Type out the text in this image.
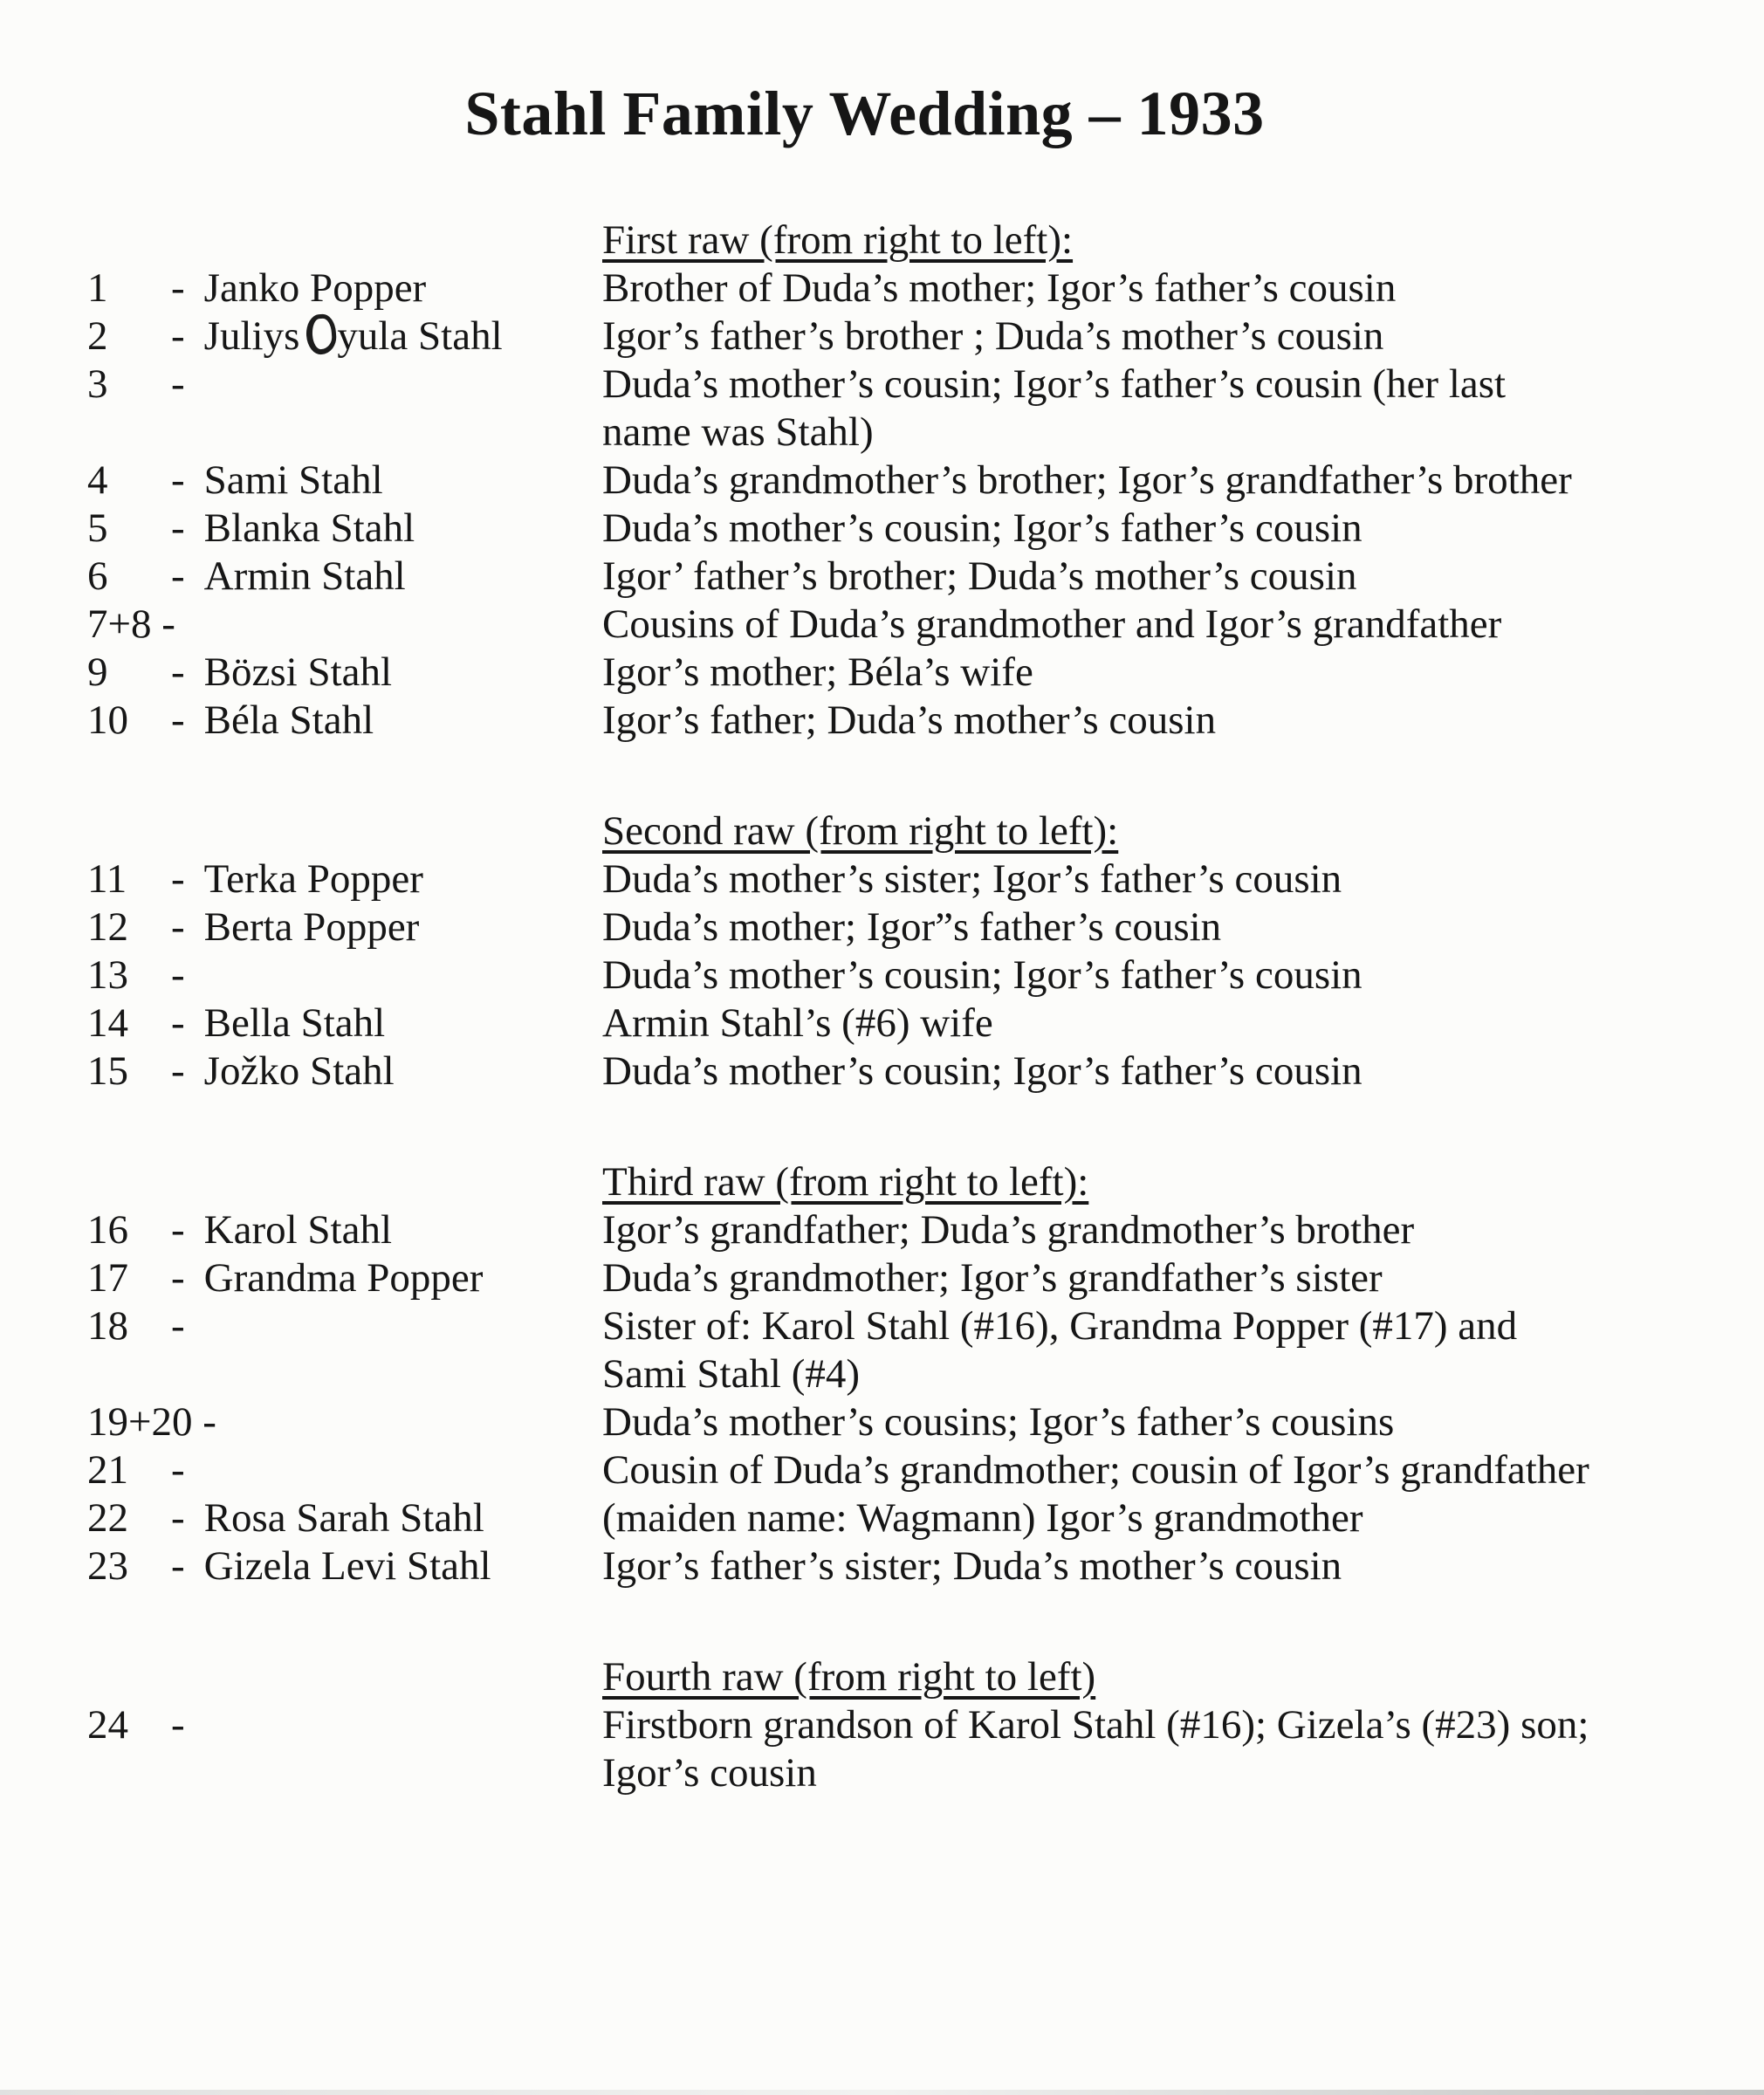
Stahl Family Wedding – 1933
First raw (from right to left):
1	- Janko Popper	Brother of Duda’s mother; Igor’s father’s cousin
2	- Juliys yula Stahl	Igor’s father’s brother ; Duda’s mother’s cousin
3	-	Duda’s mother’s cousin; Igor’s father’s cousin (her last name was Stahl)
4	- Sami Stahl	Duda’s grandmother’s brother; Igor’s grandfather’s brother
5	- Blanka Stahl	Duda’s mother’s cousin; Igor’s father’s cousin
6	- Armin Stahl	Igor’ father’s brother; Duda’s mother’s cousin
7+8 -	Cousins of Duda’s grandmother and Igor’s grandfather
9	- Bözsi Stahl	Igor’s mother; Béla’s wife
10	- Béla Stahl	Igor’s father; Duda’s mother’s cousin
Second raw (from right to left):
11	- Terka Popper	Duda’s mother’s sister; Igor’s father’s cousin
12	- Berta Popper	Duda’s mother; Igor”s father’s cousin
13	-	Duda’s mother’s cousin; Igor’s father’s cousin
14	- Bella Stahl	Armin Stahl’s (#6) wife
15	- Jožko Stahl	Duda’s mother’s cousin; Igor’s father’s cousin
Third raw (from right to left):
16	- Karol Stahl	Igor’s grandfather; Duda’s grandmother’s brother
17	- Grandma Popper	Duda’s grandmother; Igor’s grandfather’s sister
18	-	Sister of: Karol Stahl (#16), Grandma Popper (#17) and Sami Stahl (#4)
19+20 -	Duda’s mother’s cousins; Igor’s father’s cousins
21	-	Cousin of Duda’s grandmother; cousin of Igor’s grandfather
22	- Rosa Sarah Stahl	(maiden name: Wagmann) Igor’s grandmother
23	- Gizela Levi Stahl	Igor’s father’s sister; Duda’s mother’s cousin
Fourth raw (from right to left)
24	-	Firstborn grandson of Karol Stahl (#16); Gizela’s (#23) son; Igor’s cousin
